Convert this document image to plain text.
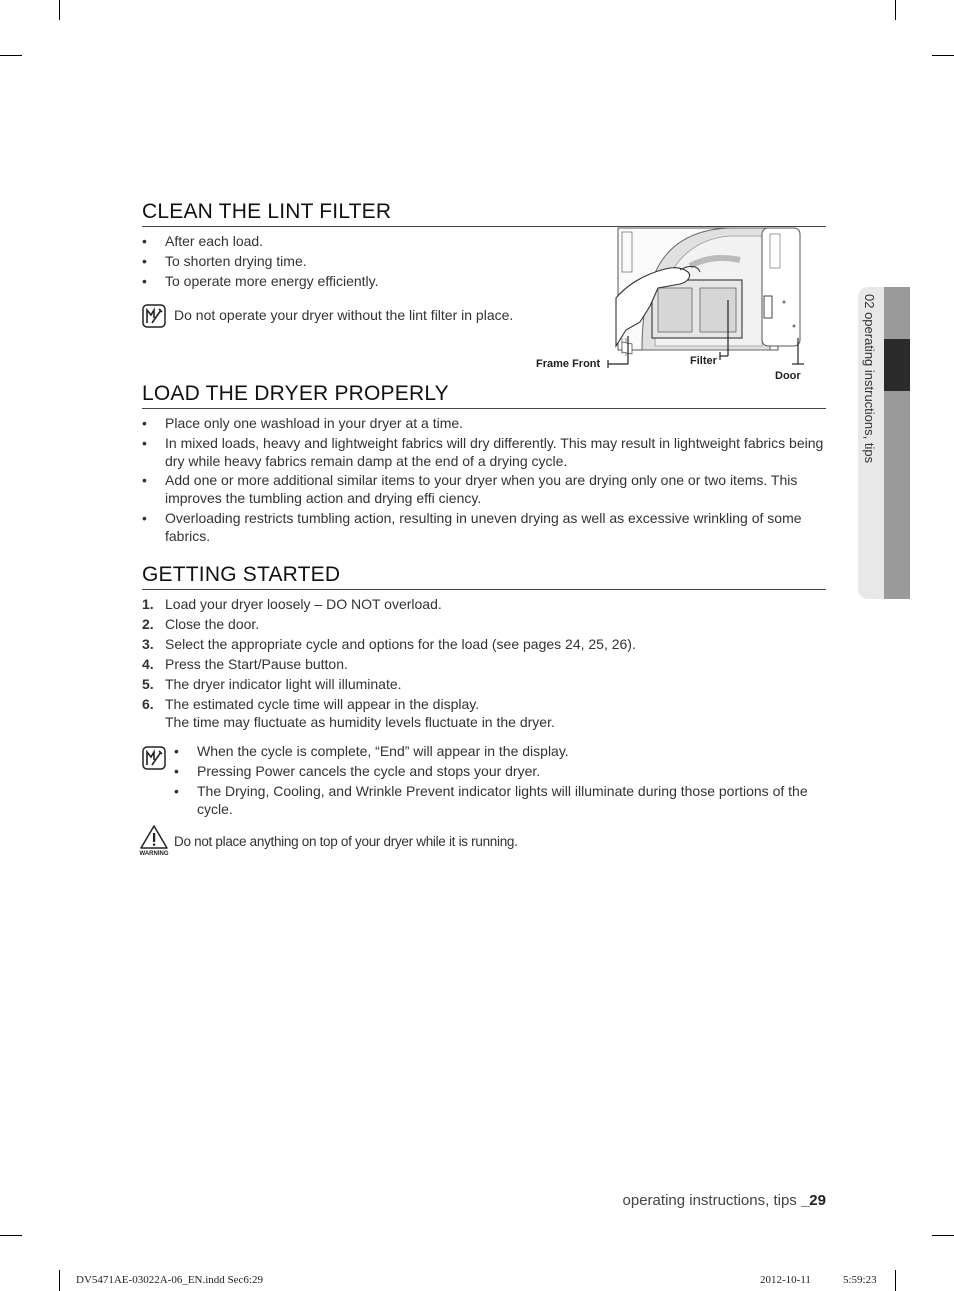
02 operating instructions, tips
CLEAN THE LINT FILTER
• After each load.
• To shorten drying time.
• To operate more energy efficiently.
Do not operate your dryer without the lint filter in place.
Frame Front	Filter
Door
LOAD THE DRYER PROPERLY
• Place only one washload in your dryer at a time.
• In mixed loads, heavy and lightweight fabrics will dry differently. This may result in lightweight fabrics being dry while heavy fabrics remain damp at the end of a drying cycle.
• Add one or more additional similar items to your dryer when you are drying only one or two items. This improves the tumbling action and drying effi ciency.
• Overloading restricts tumbling action, resulting in uneven drying as well as excessive wrinkling of some fabrics.
GETTING STARTED
1. Load your dryer loosely – DO NOT overload.
2. Close the door.
3. Select the appropriate cycle and options for the load (see pages 24, 25, 26).
4. Press the Start/Pause button.
5. The dryer indicator light will illuminate.
6. The estimated cycle time will appear in the display.
The time may fluctuate as humidity levels fluctuate in the dryer.
• When the cycle is complete, “End” will appear in the display.
• Pressing Power cancels the cycle and stops your dryer.
• The Drying, Cooling, and Wrinkle Prevent indicator lights will illuminate during those portions of the cycle.
WARNING
Do not place anything on top of your dryer while it is running.
operating instructions, tips _29
DV5471AE-03022A-06_EN.indd Sec6:29	2012-10-11	5:59:23
